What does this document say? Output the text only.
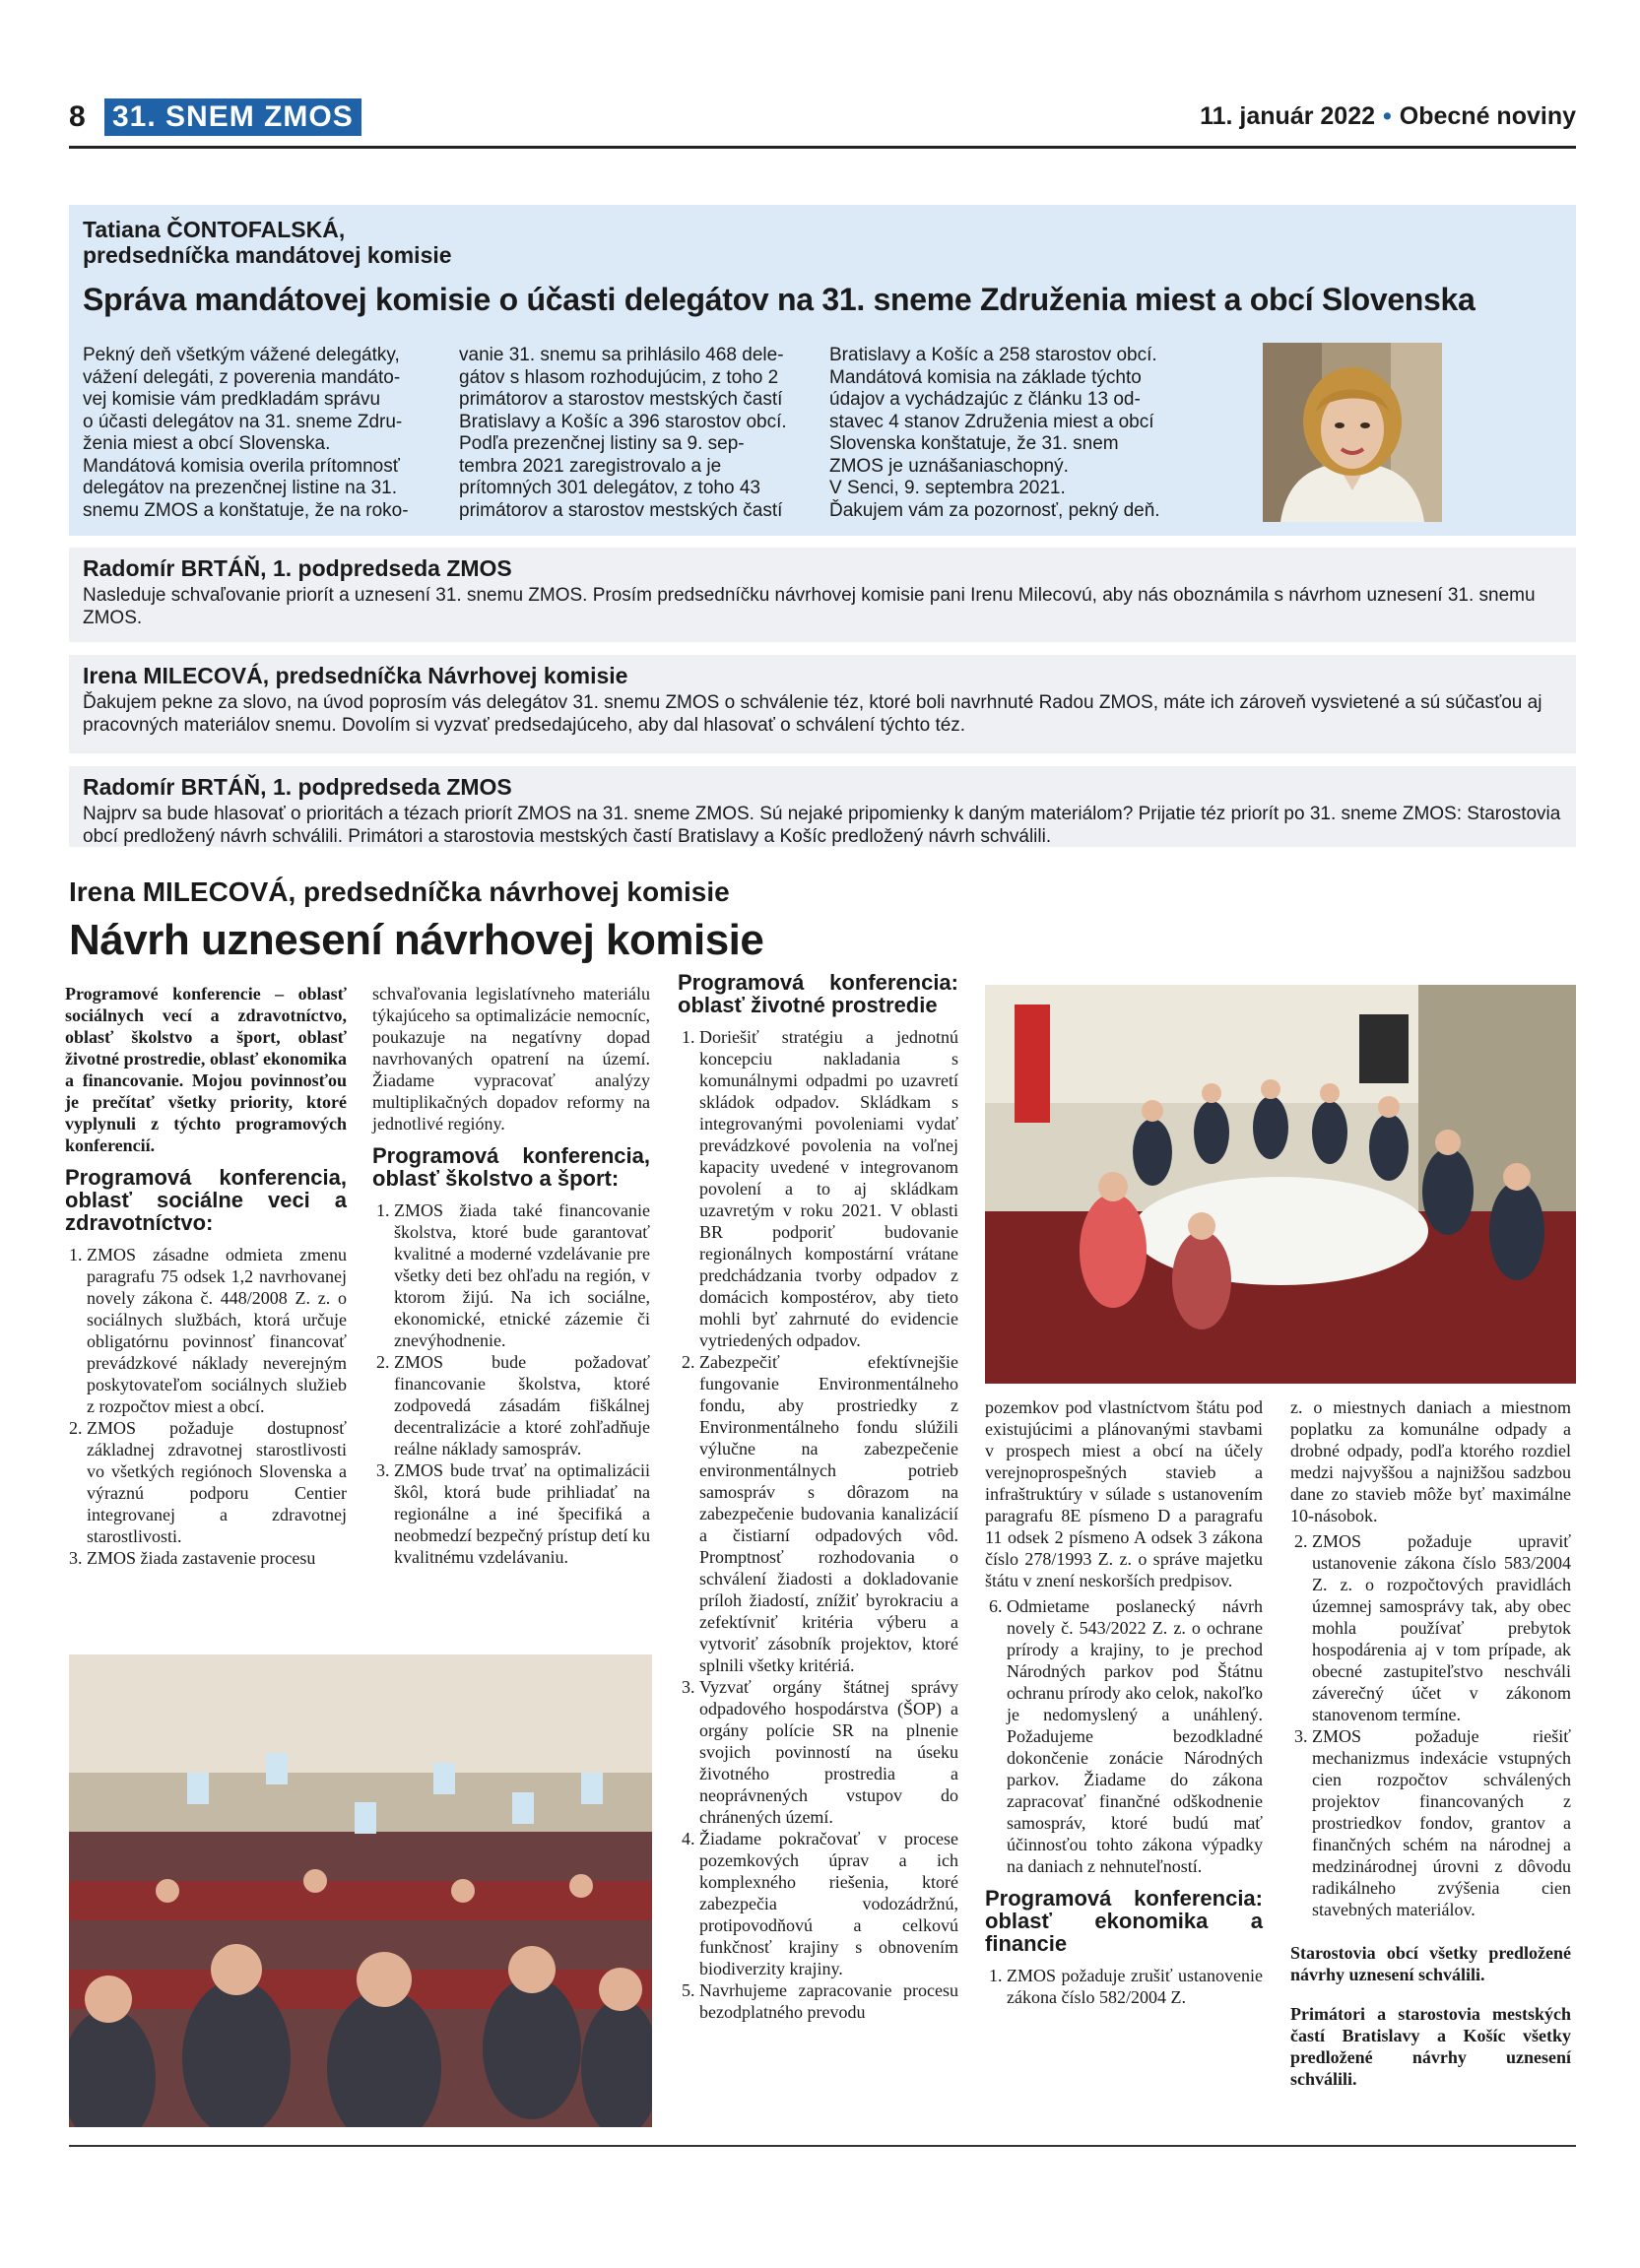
8 31. SNEM ZMOS	11. január 2022 • Obecné noviny
Tatiana ČONTOFALSKÁ,
predsedníčka mandátovej komisie
Správa mandátovej komisie o účasti delegátov na 31. sneme Združenia miest a obcí Slovenska
Pekný deň všetkým vážené delegátky,
vážení delegáti, z poverenia mandáto-
vej komisie vám predkladám správu
o účasti delegátov na 31. sneme Zdru-
ženia miest a obcí Slovenska.
Mandátová komisia overila prítomnosť
delegátov na prezenčnej listine na 31.
snemu ZMOS a konštatuje, že na roko-
vanie 31. snemu sa prihlásilo 468 dele-
gátov s hlasom rozhodujúcim, z toho 2
primátorov a starostov mestských častí
Bratislavy a Košíc a 396 starostov obcí.
Podľa prezenčnej listiny sa 9. sep-
tembra 2021 zaregistrovalo a je
prítomných 301 delegátov, z toho 43
primátorov a starostov mestských častí
Bratislavy a Košíc a 258 starostov obcí.
Mandátová komisia na základe týchto
údajov a vychádzajúc z článku 13 od-
stavec 4 stanov Združenia miest a obcí
Slovenska konštatuje, že 31. snem
ZMOS je uznášaniaschopný.
V Senci, 9. septembra 2021.
Ďakujem vám za pozornosť, pekný deň.
Radomír BRTÁŇ, 1. podpredseda ZMOS
Nasleduje schvaľovanie priorít a uznesení 31. snemu ZMOS. Prosím predsedníčku návrhovej komisie pani Irenu Milecovú, aby nás oboznámila s návrhom uznesení 31. snemu ZMOS.
Irena MILECOVÁ, predsedníčka Návrhovej komisie
Ďakujem pekne za slovo, na úvod poprosím vás delegátov 31. snemu ZMOS o schválenie téz, ktoré boli navrhnuté Radou ZMOS, máte ich zároveň vysvietené a sú súčasťou aj pracovných materiálov snemu. Dovolím si vyzvať predsedajúceho, aby dal hlasovať o schválení týchto téz.
Radomír BRTÁŇ, 1. podpredseda ZMOS
Najprv sa bude hlasovať o prioritách a tézach priorít ZMOS na 31. sneme ZMOS. Sú nejaké pripomienky k daným materiálom? Prijatie téz priorít po 31. sneme ZMOS: Starostovia obcí predložený návrh schválili. Primátori a starostovia mestských častí Bratislavy a Košíc predložený návrh schválili.
Irena MILECOVÁ, predsedníčka návrhovej komisie
Návrh uznesení návrhovej komisie

Programové konferencie – oblasť sociálnych vecí a zdravotníctvo, oblasť školstvo a šport, oblasť životné prostredie, oblasť ekonomika a financovanie. Mojou povinnosťou je prečítať všetky priority, ktoré vyplynuli z týchto programových konferencií.

Programová konferencia, oblasť sociálne veci a zdravotníctvo:
1. ZMOS zásadne odmieta zmenu paragrafu 75 odsek 1,2 navrhovanej novely zákona č. 448/2008 Z. z. o sociálnych službách, ktorá určuje obligatórnu povinnosť financovať prevádzkové náklady neverejným poskytovateľom sociálnych služieb z rozpočtov miest a obcí.
2. ZMOS požaduje dostupnosť základnej zdravotnej starostlivosti vo všetkých regiónoch Slovenska a výraznú podporu Centier integrovanej a zdravotnej starostlivosti.
3. ZMOS žiada zastavenie procesu

schvaľovania legislatívneho materiálu týkajúceho sa optimalizácie nemocníc, poukazuje na negatívny dopad navrhovaných opatrení na území. Žiadame vypracovať analýzy multiplikačných dopadov reformy na jednotlivé regióny.

Programová konferencia, oblasť školstvo a šport:
1. ZMOS žiada také financovanie školstva, ktoré bude garantovať kvalitné a moderné vzdelávanie pre všetky deti bez ohľadu na región, v ktorom žijú. Na ich sociálne, ekonomické, etnické zázemie či znevýhodnenie.
2. ZMOS bude požadovať financovanie školstva, ktoré zodpovedá zásadám fiškálnej decentralizácie a ktoré zohľadňuje reálne náklady samospráv.
3. ZMOS bude trvať na optimalizácii škôl, ktorá bude prihliadať na regionálne a iné špecifiká a neobmedzí bezpečný prístup detí ku kvalitnému vzdelávaniu.
Programová konferencia: oblasť životné prostredie
1. Doriešiť stratégiu a jednotnú koncepciu nakladania s komunálnymi odpadmi po uzavretí skládok odpadov. Skládkam s integrovanými povoleniami vydať prevádzkové povolenia na voľnej kapacity uvedené v integrovanom povolení a to aj skládkam uzavretým v roku 2021. V oblasti BR podporiť budovanie regionálnych kompostární vrátane predchádzania tvorby odpadov z domácich kompostérov, aby tieto mohli byť zahrnuté do evidencie vytriedených odpadov.
2. Zabezpečiť efektívnejšie fungovanie Environmentálneho fondu, aby prostriedky z Environmentálneho fondu slúžili výlučne na zabezpečenie environmentálnych potrieb samospráv s dôrazom na zabezpečenie budovania kanalizácií a čistiarní odpadových vôd. Promptnosť rozhodovania o schválení žiadosti a dokladovanie príloh žiadostí, znížiť byrokraciu a zefektívniť kritéria výberu a vytvoriť zásobník projektov, ktoré splnili všetky kritériá.
3. Vyzvať orgány štátnej správy odpadového hospodárstva (ŠOP) a orgány polície SR na plnenie svojich povinností na úseku životného prostredia a neoprávnených vstupov do chránených území.
4. Žiadame pokračovať v procese pozemkových úprav a ich komplexného riešenia, ktoré zabezpečia vodozádržnú, protipovodňovú a celkovú funkčnosť krajiny s obnovením biodiverzity krajiny.
5. Navrhujeme zapracovanie procesu bezodplatného prevodu

pozemkov pod vlastníctvom štátu pod existujúcimi a plánovanými stavbami v prospech miest a obcí na účely verejnoprospešných stavieb a infraštruktúry v súlade s ustanovením paragrafu 8E písmeno D a paragrafu 11 odsek 2 písmeno A odsek 3 zákona číslo 278/1993 Z. z. o správe majetku štátu v znení neskorších predpisov.

6. Odmietame poslanecký návrh novely č. 543/2022 Z. z. o ochrane prírody a krajiny, to je prechod Národných parkov pod Štátnu ochranu prírody ako celok, nakoľko je nedomyslený a unáhlený. Požadujeme bezodkladné dokončenie zonácie Národných parkov. Žiadame do zákona zapracovať finančné odškodnenie samospráv, ktoré budú mať účinnosťou tohto zákona výpadky na daniach z nehnuteľností.
Programová konferencia: oblasť ekonomika a financie
1. ZMOS požaduje zrušiť ustanovenie zákona číslo 582/2004 Z.

z. o miestnych daniach a miestnom poplatku za komunálne odpady a drobné odpady, podľa ktorého rozdiel medzi najvyššou a najnižšou sadzbou dane zo stavieb môže byť maximálne 10-násobok.

2. ZMOS požaduje upraviť ustanovenie zákona číslo 583/2004 Z. z. o rozpočtových pravidlách územnej samosprávy tak, aby obec mohla používať prebytok hospodárenia aj v tom prípade, ak obecné zastupiteľstvo neschváli záverečný účet v zákonom stanovenom termíne.
3. ZMOS požaduje riešiť mechanizmus indexácie vstupných cien rozpočtov schválených projektov financovaných z prostriedkov fondov, grantov a finančných schém na národnej a medzinárodnej úrovni z dôvodu radikálneho zvýšenia cien stavebných materiálov.

Starostovia obcí všetky predložené návrhy uznesení schválili.

Primátori a starostovia mestských častí Bratislavy a Košíc všetky predložené návrhy uznesení schválili.
